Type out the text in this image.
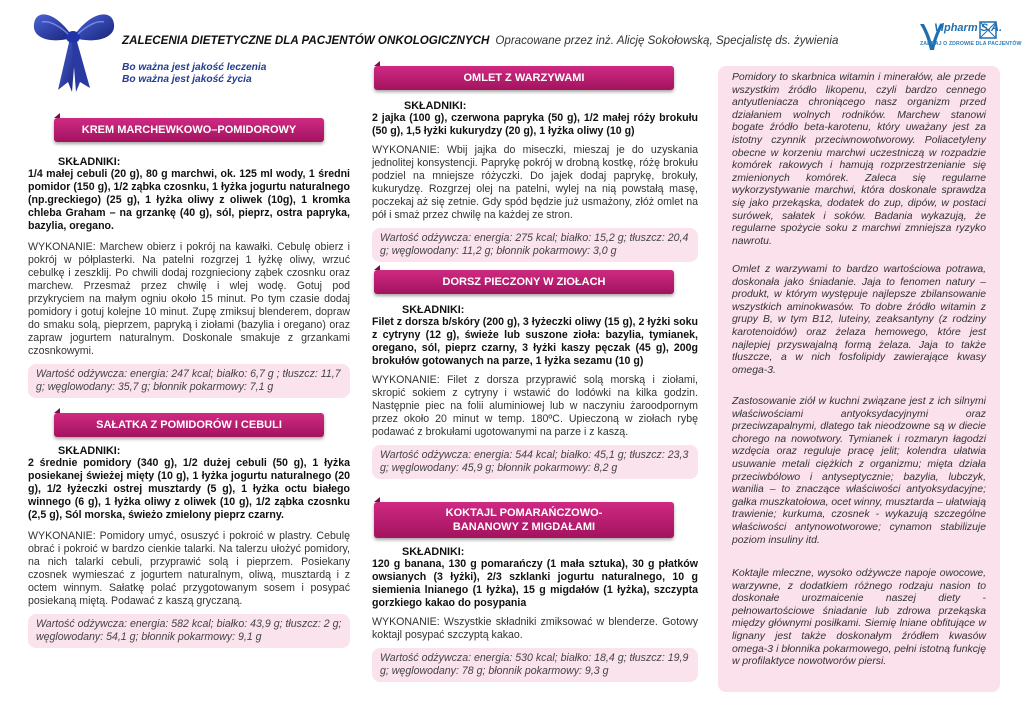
ZALECENIA DIETETYCZNE DLA PACJENTÓW ONKOLOGICZNYCH Opracowane przez inż. Alicję Sokołowską, Specjalistę ds. żywienia
Bo ważna jest jakość leczenia
Bo ważna jest jakość życia
Vipharm S.A.
ZADBAJ O ZDROWIE DLA PACJENTÓW
KREM MARCHEWKOWO–POMIDOROWY
SKŁADNIKI:
1/4 małej cebuli (20 g), 80 g marchwi, ok. 125 ml wody, 1 średni pomidor (150 g), 1/2 ząbka czosnku, 1 łyżka jogurtu naturalnego (np.greckiego) (25 g), 1 łyżka oliwy z oliwek (10g), 1 kromka chleba Graham – na grzankę (40 g), sól, pieprz, ostra papryka, bazylia, oregano.
WYKONANIE: Marchew obierz i pokrój na kawałki. Cebulę obierz i pokrój w półplasterki. Na patelni rozgrzej 1 łyżkę oliwy, wrzuć cebulkę i zeszklij. Po chwili dodaj rozgnieciony ząbek czosnku oraz marchew. Przesmaż przez chwilę i wlej wodę. Gotuj pod przykryciem na małym ogniu około 15 minut. Po tym czasie dodaj pomidory i gotuj kolejne 10 minut. Zupę zmiksuj blenderem, dopraw do smaku solą, pieprzem, papryką i ziołami (bazylia i oregano) oraz zapraw jogurtem naturalnym. Doskonale smakuje z grzankami czosnkowymi.
Wartość odżywcza: energia: 247 kcal; białko: 6,7 g ; tłuszcz: 11,7 g; węglowodany: 35,7 g; błonnik pokarmowy: 7,1 g
SAŁATKA Z POMIDORÓW I CEBULI
SKŁADNIKI:
2 średnie pomidory (340 g), 1/2 dużej cebuli (50 g), 1 łyżka posiekanej świeżej mięty (10 g), 1 łyżka jogurtu naturalnego (20 g), 1/2 łyżeczki ostrej musztardy (5 g), 1 łyżka octu białego winnego (6 g), 1 łyżka oliwy z oliwek (10 g), 1/2 ząbka czosnku (2,5 g), Sól morska, świeżo zmielony pieprz czarny.
WYKONANIE: Pomidory umyć, osuszyć i pokroić w plastry. Cebulę obrać i pokroić w bardzo cienkie talarki. Na talerzu ułożyć pomidory, na nich talarki cebuli, przyprawić solą i pieprzem. Posiekany czosnek wymieszać z jogurtem naturalnym, oliwą, musztardą i z octem winnym. Sałatkę polać przygotowanym sosem i posypać posiekaną miętą. Podawać z kaszą gryczaną.
Wartość odżywcza: energia: 582 kcal; białko: 43,9 g; tłuszcz: 2 g; węglowodany: 54,1 g; błonnik pokarmowy: 9,1 g
OMLET Z WARZYWAMI
SKŁADNIKI:
2 jajka (100 g), czerwona papryka (50 g), 1/2 małej róży brokułu (50 g), 1,5 łyżki kukurydzy (20 g), 1 łyżka oliwy (10 g)
WYKONANIE: Wbij jajka do miseczki, mieszaj je do uzyskania jednolitej konsystencji. Paprykę pokrój w drobną kostkę, różę brokułu podziel na mniejsze różyczki. Do jajek dodaj paprykę, brokuły, kukurydzę. Rozgrzej olej na patelni, wylej na nią powstałą masę, poczekaj aż się zetnie. Gdy spód będzie już usmażony, złóż omlet na pół i smaż przez chwilę na każdej ze stron.
Wartość odżywcza: energia: 275 kcal; białko: 15,2 g; tłuszcz: 20,4 g; węglowodany: 11,2 g; błonnik pokarmowy: 3,0 g
DORSZ PIECZONY W ZIOŁACH
SKŁADNIKI:
Filet z dorsza b/skóry (200 g), 3 łyżeczki oliwy (15 g), 2 łyżki soku z cytryny (12 g), świeże lub suszone zioła: bazylia, tymianek, oregano, sól, pieprz czarny, 3 łyżki kaszy pęczak (45 g), 200g brokułów gotowanych na parze, 1 łyżka sezamu (10 g)
WYKONANIE: Filet z dorsza przyprawić solą morską i ziołami, skropić sokiem z cytryny i wstawić do lodówki na kilka godzin. Następnie piec na folii aluminiowej lub w naczyniu żaroodpornym przez około 20 minut w temp. 180ºC. Upieczoną w ziołach rybę podawać z brokułami ugotowanymi na parze i z kaszą.
Wartość odżywcza: energia: 544 kcal; białko: 45,1 g; tłuszcz: 23,3 g; węglowodany: 45,9 g; błonnik pokarmowy: 8,2 g
KOKTAJL POMARAŃCZOWO-BANANOWY Z MIGDAŁAMI
SKŁADNIKI:
120 g banana, 130 g pomarańczy (1 mała sztuka), 30 g płatków owsianych (3 łyżki), 2/3 szklanki jogurtu naturalnego, 10 g siemienia lnianego (1 łyżka), 15 g migdałów (1 łyżka), szczypta gorzkiego kakao do posypania
WYKONANIE: Wszystkie składniki zmiksować w blenderze. Gotowy koktajl posypać szczyptą kakao.
Wartość odżywcza: energia: 530 kcal; białko: 18,4 g; tłuszcz: 19,9 g; węglowodany: 78 g; błonnik pokarmowy: 9,3 g

Pomidory to skarbnica witamin i minerałów, ale przede wszystkim źródło likopenu, czyli bardzo cennego antyutleniacza chroniącego nasz organizm przed działaniem wolnych rodników. Marchew stanowi bogate źródło beta-karotenu, który uważany jest za istotny czynnik przeciwnowotworowy. Poliacetyleny obecne w korzeniu marchwi uczestniczą w rozpadzie komórek rakowych i hamują rozprzestrzenianie się zmienionych komórek. Zaleca się regularne wykorzystywanie marchwi, która doskonale sprawdza się jako przekąska, dodatek do zup, dipów, w postaci surówek, sałatek i soków. Badania wykazują, że regularne spożycie soku z marchwi zmniejsza ryzyko nawrotu.

Omlet z warzywami to bardzo wartościowa potrawa, doskonała jako śniadanie. Jaja to fenomen natury – produkt, w którym występuje najlepsze zbilansowanie wszystkich aminokwasów. To dobre źródło witamin z grupy B, w tym B12, luteiny, zeaksantyny (z rodziny karotenoidów) oraz żelaza hemowego, które jest najlepiej przyswajalną formą żelaza. Jaja to także tłuszcze, a w nich fosfolipidy zawierające kwasy omega-3.

Zastosowanie ziół w kuchni związane jest z ich silnymi właściwościami antyoksydacyjnymi oraz przeciwzapalnymi, dlatego tak nieodzowne są w diecie chorego na nowotwory. Tymianek i rozmaryn łagodzi wzdęcia oraz reguluje pracę jelit; kolendra ułatwia usuwanie metali ciężkich z organizmu; mięta działa przeciwbólowo i antyseptycznie; bazylia, lubczyk, wanilia – to znaczące właściwości antyoksydacyjne; gałka muszkatołowa, ocet winny, musztarda – ułatwiają trawienie; kurkuma, czosnek - wykazują szczególne właściwości antynowotworowe; cynamon stabilizuje poziom insuliny itd.

Koktajle mleczne, wysoko odżywcze napoje owocowe, warzywne, z dodatkiem różnego rodzaju nasion to doskonałe urozmaicenie naszej diety - pełnowartościowe śniadanie lub zdrowa przekąska między głównymi posiłkami. Siemię lniane obfitujące w lignany jest także doskonałym źródłem kwasów omega-3 i błonnika pokarmowego, pełni istotną funkcję w profilaktyce nowotworów piersi.
